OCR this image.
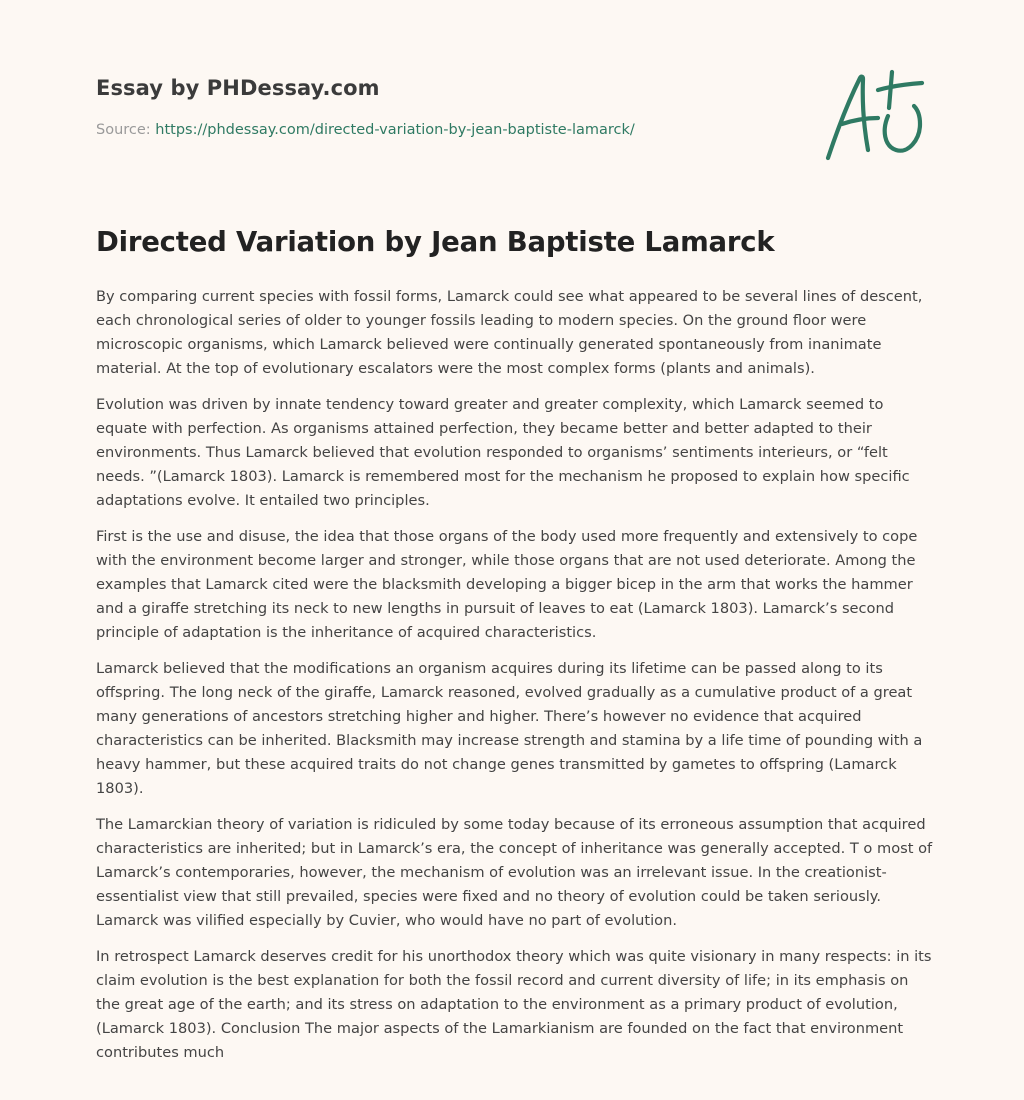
Essay by PHDessay.com
Source: https://phdessay.com/directed-variation-by-jean-baptiste-lamarck/
Directed Variation by Jean Baptiste Lamarck

By comparing current species with fossil forms, Lamarck could see what appeared to be several lines of descent, each chronological series of older to younger fossils leading to modern species. On the ground floor were microscopic organisms, which Lamarck believed were continually generated spontaneously from inanimate material. At the top of evolutionary escalators were the most complex forms (plants and animals).

Evolution was driven by innate tendency toward greater and greater complexity, which Lamarck seemed to equate with perfection. As organisms attained perfection, they became better and better adapted to their environments. Thus Lamarck believed that evolution responded to organisms’ sentiments interieurs, or “felt needs. ”(Lamarck 1803). Lamarck is remembered most for the mechanism he proposed to explain how specific adaptations evolve. It entailed two principles.

First is the use and disuse, the idea that those organs of the body used more frequently and extensively to cope with the environment become larger and stronger, while those organs that are not used deteriorate. Among the examples that Lamarck cited were the blacksmith developing a bigger bicep in the arm that works the hammer and a giraffe stretching its neck to new lengths in pursuit of leaves to eat (Lamarck 1803). Lamarck’s second principle of adaptation is the inheritance of acquired characteristics.

Lamarck believed that the modifications an organism acquires during its lifetime can be passed along to its offspring. The long neck of the giraffe, Lamarck reasoned, evolved gradually as a cumulative product of a great many generations of ancestors stretching higher and higher. There’s however no evidence that acquired characteristics can be inherited. Blacksmith may increase strength and stamina by a life time of pounding with a heavy hammer, but these acquired traits do not change genes transmitted by gametes to offspring (Lamarck 1803).

The Lamarckian theory of variation is ridiculed by some today because of its erroneous assumption that acquired characteristics are inherited; but in Lamarck’s era, the concept of inheritance was generally accepted. T o most of Lamarck’s contemporaries, however, the mechanism of evolution was an irrelevant issue. In the creationist-essentialist view that still prevailed, species were fixed and no theory of evolution could be taken seriously. Lamarck was vilified especially by Cuvier, who would have no part of evolution.

In retrospect Lamarck deserves credit for his unorthodox theory which was quite visionary in many respects: in its claim evolution is the best explanation for both the fossil record and current diversity of life; in its emphasis on the great age of the earth; and its stress on adaptation to the environment as a primary product of evolution, (Lamarck 1803). Conclusion The major aspects of the Lamarkianism are founded on the fact that environment contributes much
